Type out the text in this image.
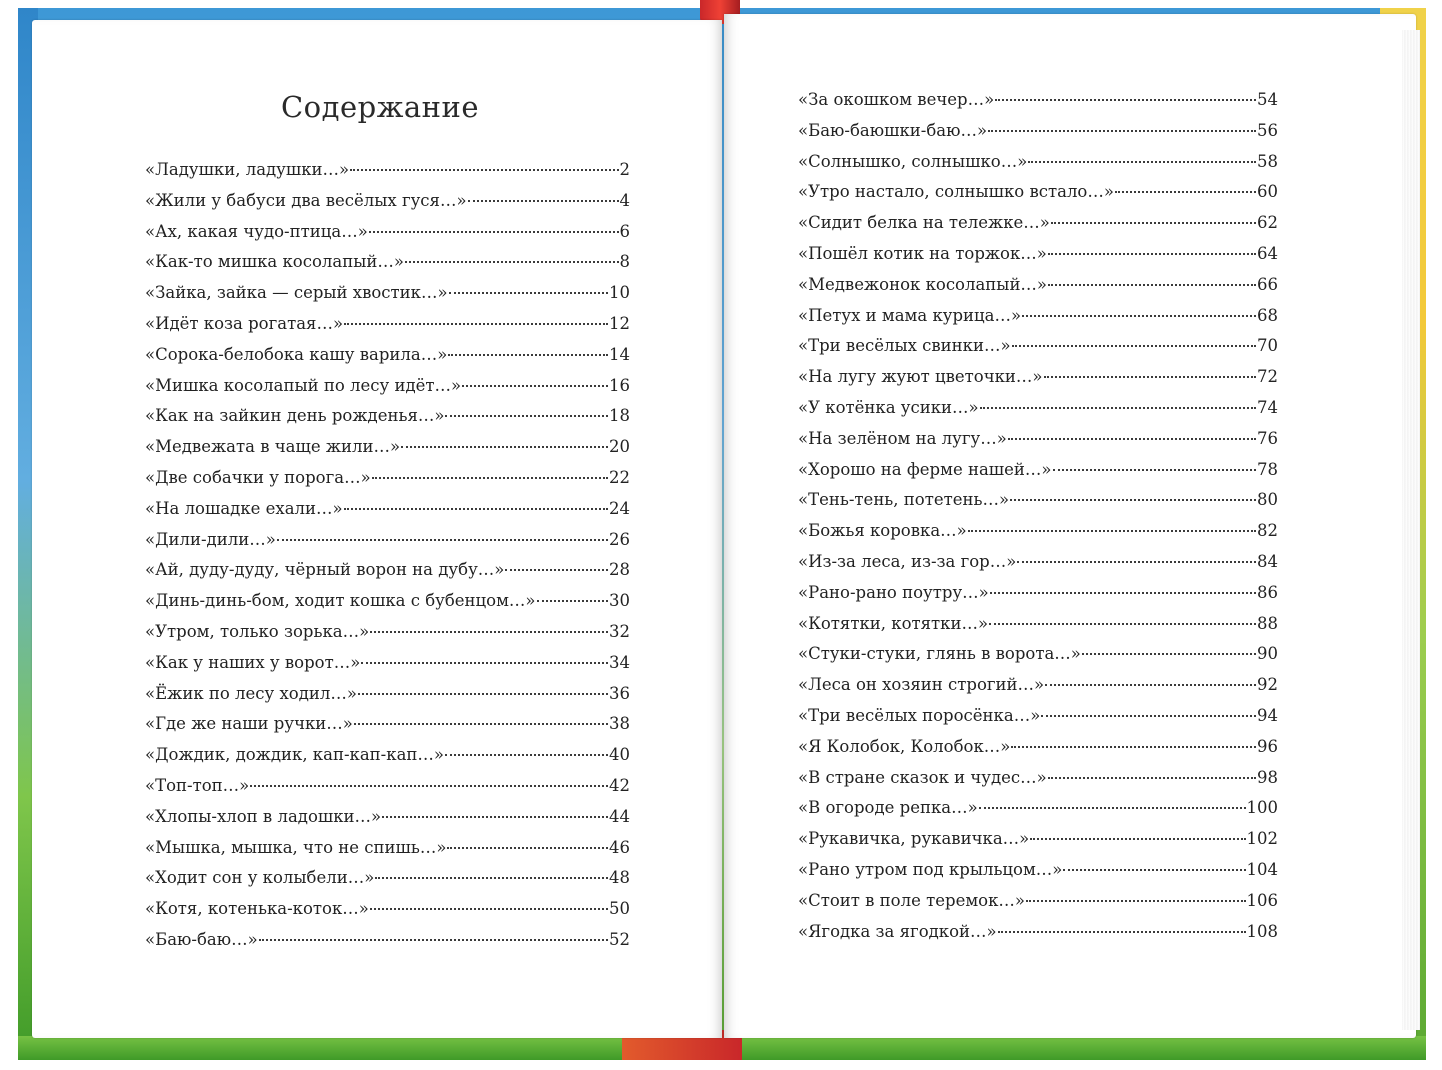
Содержание
«Ладушки, ладушки…»	2
«Жили у бабуси два весёлых гуся…»	4
«Ах, какая чудо-птица…»	6
«Как-то мишка косолапый…»	8
«Зайка, зайка — серый хвостик…»	10
«Идёт коза рогатая…»	12
«Сорока-белобока кашу варила…»	14
«Мишка косолапый по лесу идёт…»	16
«Как на зайкин день рожденья…»	18
«Медвежата в чаще жили…»	20
«Две собачки у порога…»	22
«На лошадке ехали…»	24
«Дили-дили…»	26
«Ай, дуду-дуду, чёрный ворон на дубу…»	28
«Динь-динь-бом, ходит кошка с бубенцом…»	30
«Утром, только зорька…»	32
«Как у наших у ворот…»	34
«Ёжик по лесу ходил…»	36
«Где же наши ручки…»	38
«Дождик, дождик, кап-кап-кап…»	40
«Топ-топ…»	42
«Хлопы-хлоп в ладошки…»	44
«Мышка, мышка, что не спишь…»	46
«Ходит сон у колыбели…»	48
«Котя, котенька-коток…»	50
«Баю-баю…»	52
«За окошком вечер…»	54
«Баю-баюшки-баю…»	56
«Солнышко, солнышко…»	58
«Утро настало, солнышко встало…»	60
«Сидит белка на тележке…»	62
«Пошёл котик на торжок…»	64
«Медвежонок косолапый…»	66
«Петух и мама курица…»	68
«Три весёлых свинки…»	70
«На лугу жуют цветочки…»	72
«У котёнка усики…»	74
«На зелёном на лугу…»	76
«Хорошо на ферме нашей…»	78
«Тень-тень, потетень…»	80
«Божья коровка…»	82
«Из-за леса, из-за гор…»	84
«Рано-рано поутру…»	86
«Котятки, котятки…»	88
«Стуки-стуки, глянь в ворота…»	90
«Леса он хозяин строгий…»	92
«Три весёлых поросёнка…»	94
«Я Колобок, Колобок…»	96
«В стране сказок и чудес…»	98
«В огороде репка…»	100
«Рукавичка, рукавичка…»	102
«Рано утром под крыльцом…»	104
«Стоит в поле теремок…»	106
«Ягодка за ягодкой…»	108
